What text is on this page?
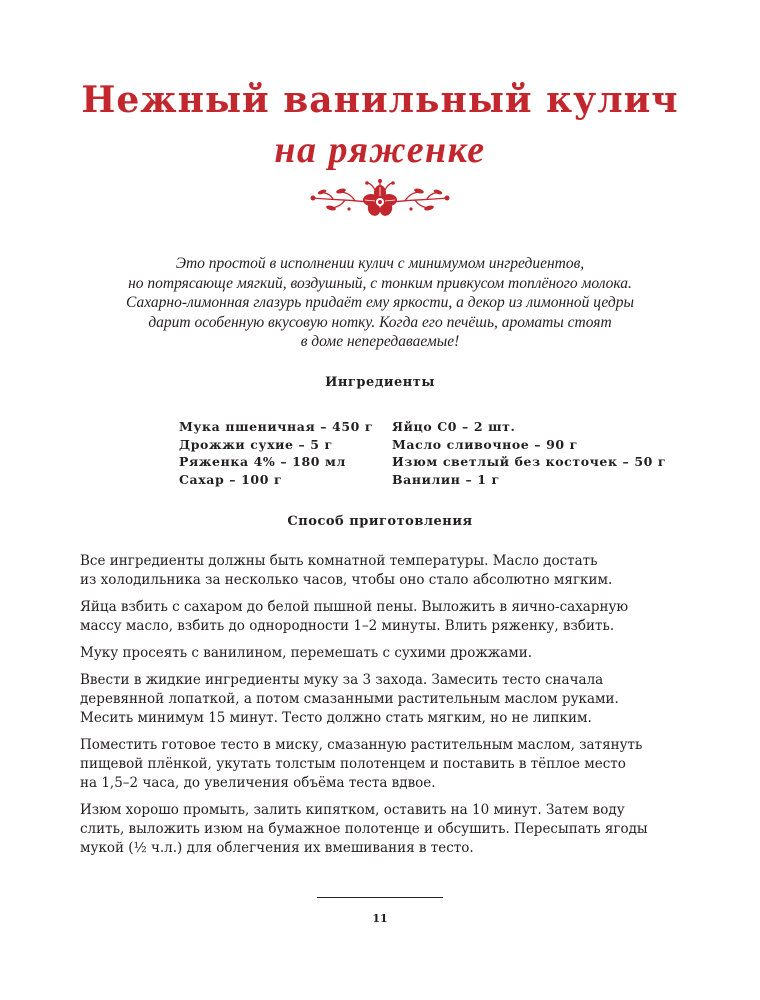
Нежный ванильный кулич
на ряженке

Это простой в исполнении кулич с минимумом ингредиентов,
но потрясающе мягкий, воздушный, с тонким привкусом топлёного молока.
Сахарно-лимонная глазурь придаёт ему яркости, а декор из лимонной цедры
дарит особенную вкусовую нотку. Когда его печёшь, ароматы стоят
в доме непередаваемые!

Ингредиенты
Мука пшеничная – 450 г
Дрожжи сухие – 5 г
Ряженка 4% – 180 мл
Сахар – 100 г
Яйцо С0 – 2 шт.
Масло сливочное – 90 г
Изюм светлый без косточек – 50 г
Ванилин – 1 г
Способ приготовления

Все ингредиенты должны быть комнатной температуры. Масло достать
из холодильника за несколько часов, чтобы оно стало абсолютно мягким.

Яйца взбить с сахаром до белой пышной пены. Выложить в яично-сахарную
массу масло, взбить до однородности 1–2 минуты. Влить ряженку, взбить.

Муку просеять с ванилином, перемешать с сухими дрожжами.

Ввести в жидкие ингредиенты муку за 3 захода. Замесить тесто сначала
деревянной лопаткой, а потом смазанными растительным маслом руками.
Месить минимум 15 минут. Тесто должно стать мягким, но не липким.

Поместить готовое тесто в миску, смазанную растительным маслом, затянуть
пищевой плёнкой, укутать толстым полотенцем и поставить в тёплое место
на 1,5–2 часа, до увеличения объёма теста вдвое.

Изюм хорошо промыть, залить кипятком, оставить на 10 минут. Затем воду
слить, выложить изюм на бумажное полотенце и обсушить. Пересыпать ягоды
мукой (½ ч.л.) для облегчения их вмешивания в тесто.

11
